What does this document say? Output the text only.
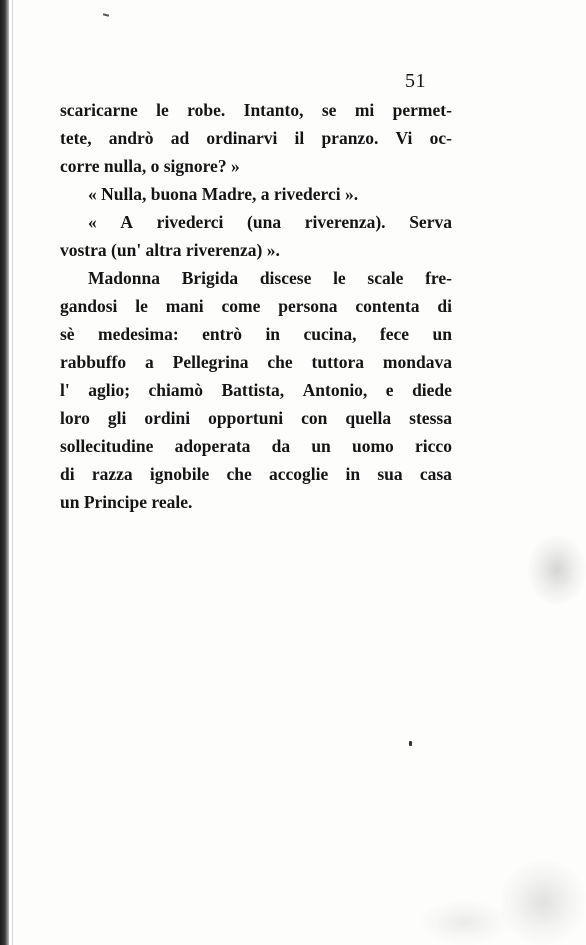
51
scaricarne le robe. Intanto, se mi permet-
tete, andrò ad ordinarvi il pranzo. Vi oc-
corre nulla, o signore? »
« Nulla, buona Madre, a rivederci ».
« A rivederci (una riverenza). Serva
vostra (un' altra riverenza) ».
Madonna Brigida discese le scale fre-
gandosi le mani come persona contenta di
sè medesima: entrò in cucina, fece un
rabbuffo a Pellegrina che tuttora mondava
l' aglio; chiamò Battista, Antonio, e diede
loro gli ordini opportuni con quella stessa
sollecitudine adoperata da un uomo ricco
di razza ignobile che accoglie in sua casa
un Principe reale.
